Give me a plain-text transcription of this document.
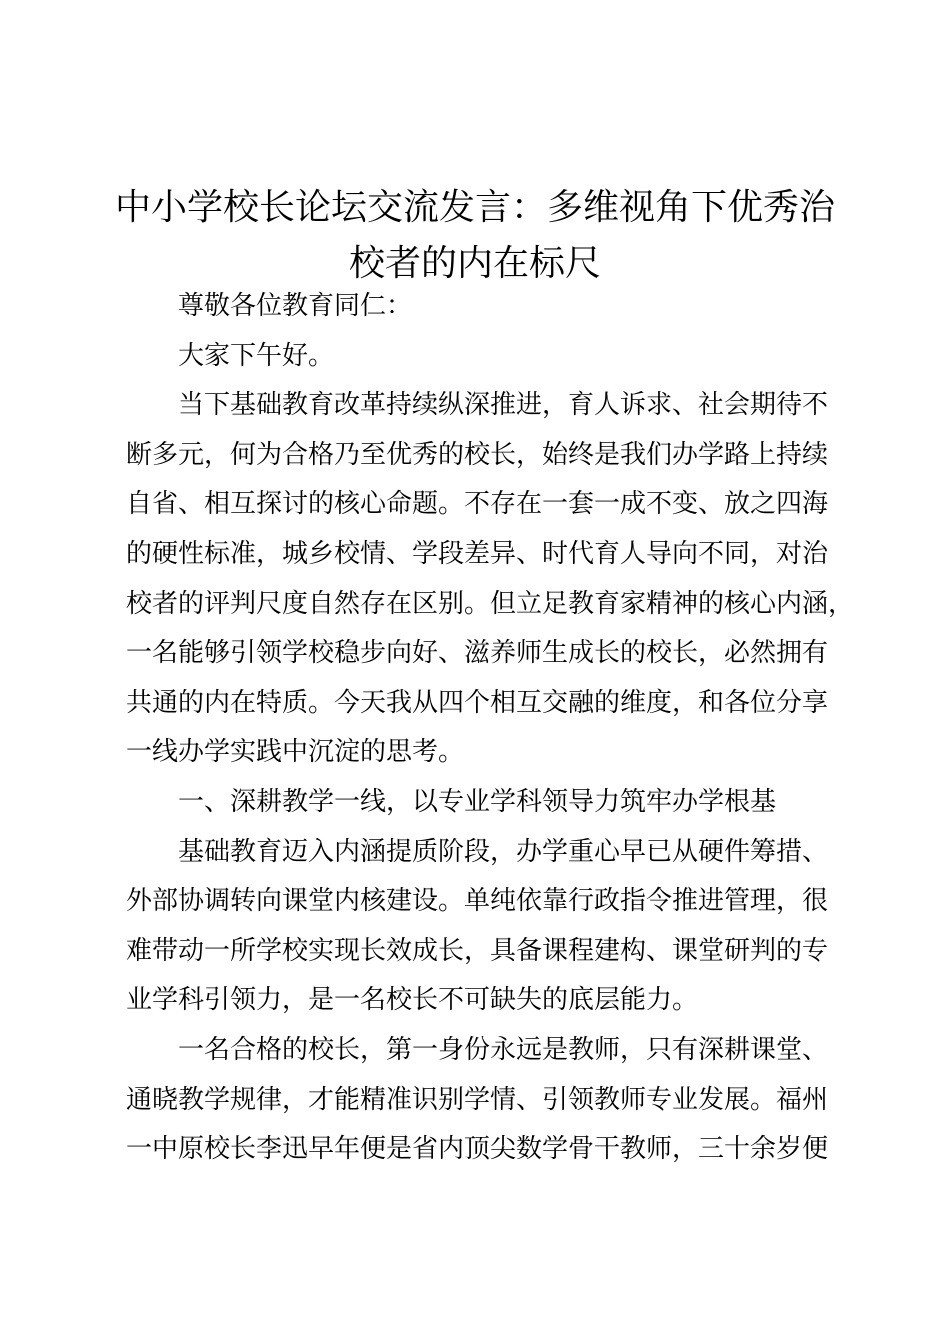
中小学校长论坛交流发言：多维视角下优秀治
校者的内在标尺
尊敬各位教育同仁：
大家下午好。
当下基础教育改革持续纵深推进，育人诉求、社会期待不
断多元，何为合格乃至优秀的校长，始终是我们办学路上持续
自省、相互探讨的核心命题。不存在一套一成不变、放之四海
的硬性标准，城乡校情、学段差异、时代育人导向不同，对治
校者的评判尺度自然存在区别。但立足教育家精神的核心内涵，
一名能够引领学校稳步向好、滋养师生成长的校长，必然拥有
共通的内在特质。今天我从四个相互交融的维度，和各位分享
一线办学实践中沉淀的思考。
一、深耕教学一线，以专业学科领导力筑牢办学根基
基础教育迈入内涵提质阶段，办学重心早已从硬件筹措、
外部协调转向课堂内核建设。单纯依靠行政指令推进管理，很
难带动一所学校实现长效成长，具备课程建构、课堂研判的专
业学科引领力，是一名校长不可缺失的底层能力。
一名合格的校长，第一身份永远是教师，只有深耕课堂、
通晓教学规律，才能精准识别学情、引领教师专业发展。福州
一中原校长李迅早年便是省内顶尖数学骨干教师，三十余岁便
